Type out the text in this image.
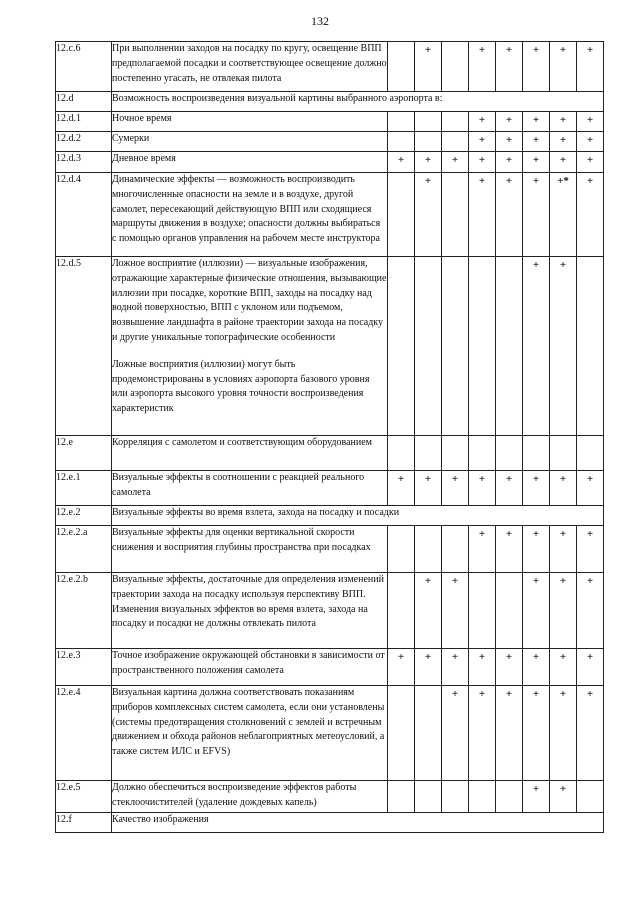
132
12.c.6	При выполнении заходов на посадку по кругу, освещение ВПП предполагаемой посадки и соответствующее освещение должно постепенно угасать, не отвлекая пилота		+		+	+	+	+	+
12.d	Возможность воспроизведения визуальной картины выбранного аэропорта в:								

12.d.1	Ночное время				+	+	+	+	+
12.d.2	Сумерки				+	+	+	+	+
12.d.3	Дневное время	+	+	+	+	+	+	+	+
12.d.4	Динамические эффекты — возможность воспроизводить многочисленные опасности на земле и в воздухе, другой самолет, пересекающий действующую ВПП или сходящиеся маршруты движения в воздухе; опасности должны выбираться с помощью органов управления на рабочем месте инструктора		+		+	+	+	+*	+
12.d.5	Ложное восприятие (иллюзии) — визуальные изображения, отражающие характерные физические отношения, вызывающие иллюзии при посадке, короткие ВПП, заходы на посадку над водной поверхностью, ВПП с уклоном или подъемом, возвышение ландшафта в районе траектории захода на посадку и другие уникальные топографические особенности
Ложные восприятия (иллюзии) могут быть продемонстрированы в условиях аэропорта базового уровня или аэропорта высокого уровня точности воспроизведения характеристик						+	+	
12.e	Корреляция с самолетом и соответствующим оборудованием								

12.e.1	Визуальные эффекты в соотношении с реакцией реального самолета	+	+	+	+	+	+	+	+
12.e.2	Визуальные эффекты во время взлета, захода на посадку и посадки								

12.e.2.a	Визуальные эффекты для оценки вертикальной скорости снижения и восприятия глубины пространства при посадках				+	+	+	+	+
12.e.2.b	Визуальные эффекты, достаточные для определения изменений траектории захода на посадку используя перспективу ВПП. Изменения визуальных эффектов во время взлета, захода на посадку и посадки не должны отвлекать пилота		+	+			+	+	+
12.e.3	Точное изображение окружающей обстановки в зависимости от пространственного положения самолета	+	+	+	+	+	+	+	+
12.e.4	Визуальная картина должна соответствовать показаниям приборов комплексных систем самолета, если они установлены (системы предотвращения столкновений с землей и встречным движением и обхода районов неблагоприятных метеоусловий, а также систем ИЛС и EFVS)			+	+	+	+	+	+
12.e.5	Должно обеспечиться воспроизведение эффектов работы стеклоочистителей (удаление дождевых капель)						+	+	
12.f	Качество изображения								
